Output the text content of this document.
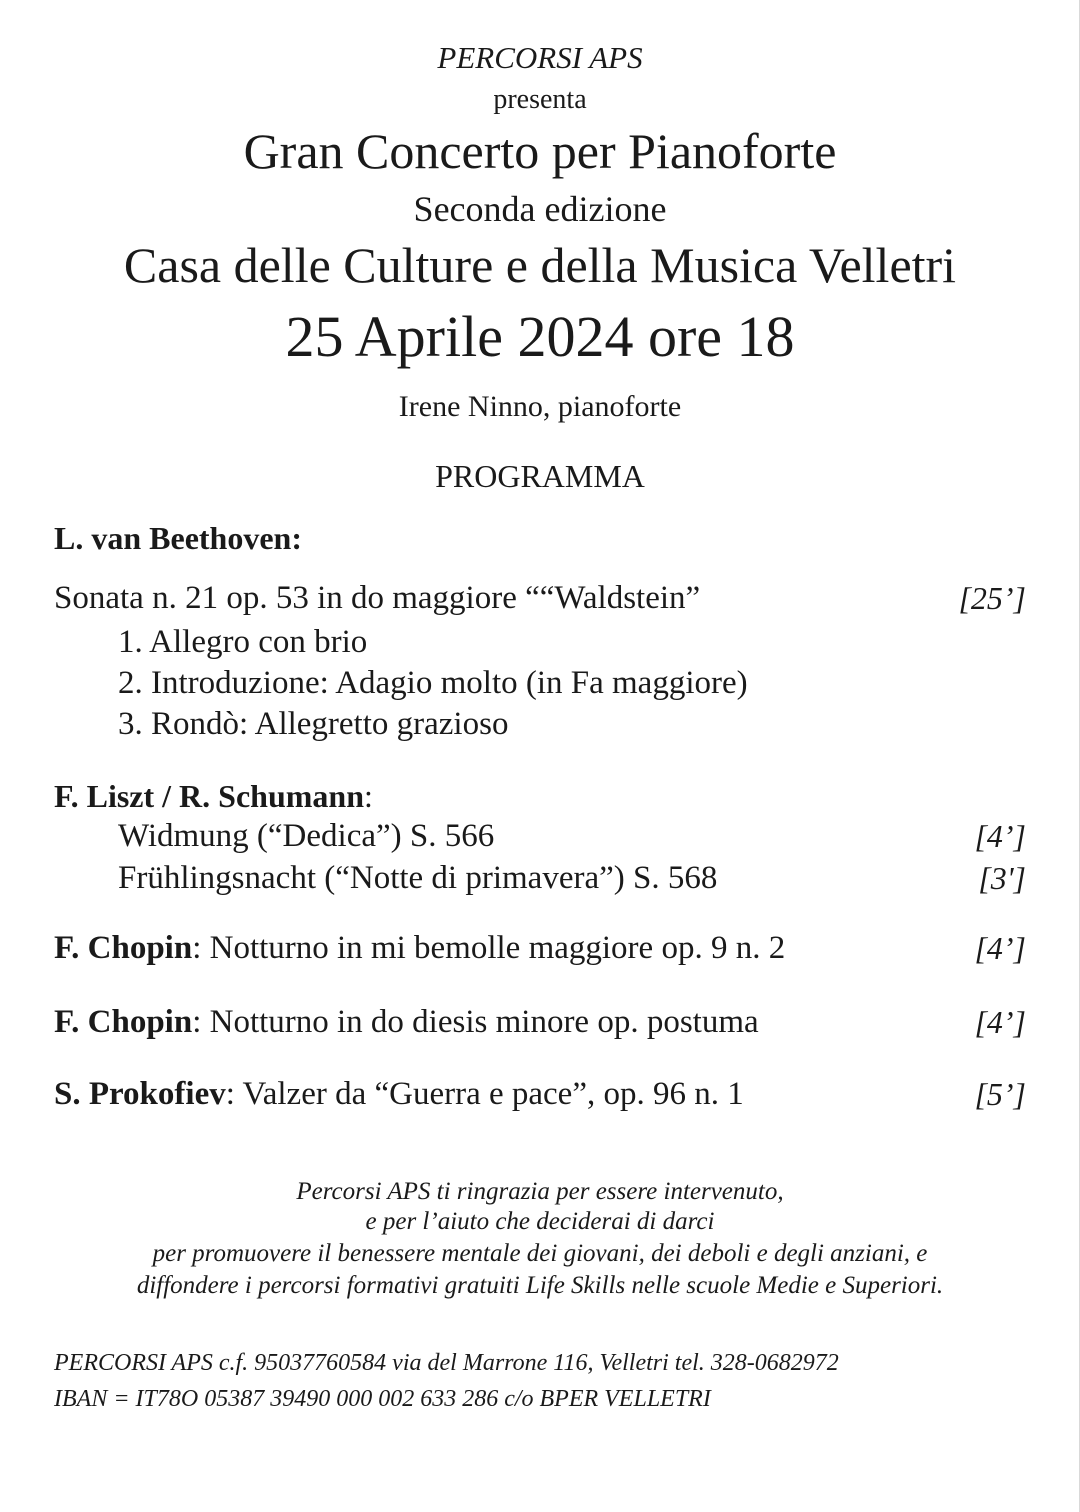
PERCORSI APS
presenta
Gran Concerto per Pianoforte
Seconda edizione
Casa delle Culture e della Musica Velletri
25 Aprile 2024 ore 18
Irene Ninno, pianoforte
PROGRAMMA
L. van Beethoven:
Sonata n. 21 op. 53 in do maggiore ““Waldstein”	[25’]
1. Allegro con brio
2. Introduzione: Adagio molto (in Fa maggiore)
3. Rondò: Allegretto grazioso
F. Liszt / R. Schumann:
Widmung (“Dedica”) S. 566	[4’]
Frühlingsnacht (“Notte di primavera”) S. 568	[3']
F. Chopin: Notturno in mi bemolle maggiore op. 9 n. 2	[4’]
F. Chopin: Notturno in do diesis minore op. postuma	[4’]
S. Prokofiev: Valzer da “Guerra e pace”, op. 96 n. 1	[5’]
Percorsi APS ti ringrazia per essere intervenuto,
e per l’aiuto che deciderai di darci
per promuovere il benessere mentale dei giovani, dei deboli e degli anziani, e
diffondere i percorsi formativi gratuiti Life Skills nelle scuole Medie e Superiori.
PERCORSI APS c.f. 95037760584 via del Marrone 116, Velletri tel. 328-0682972
IBAN = IT78O 05387 39490 000 002 633 286 c/o BPER VELLETRI
